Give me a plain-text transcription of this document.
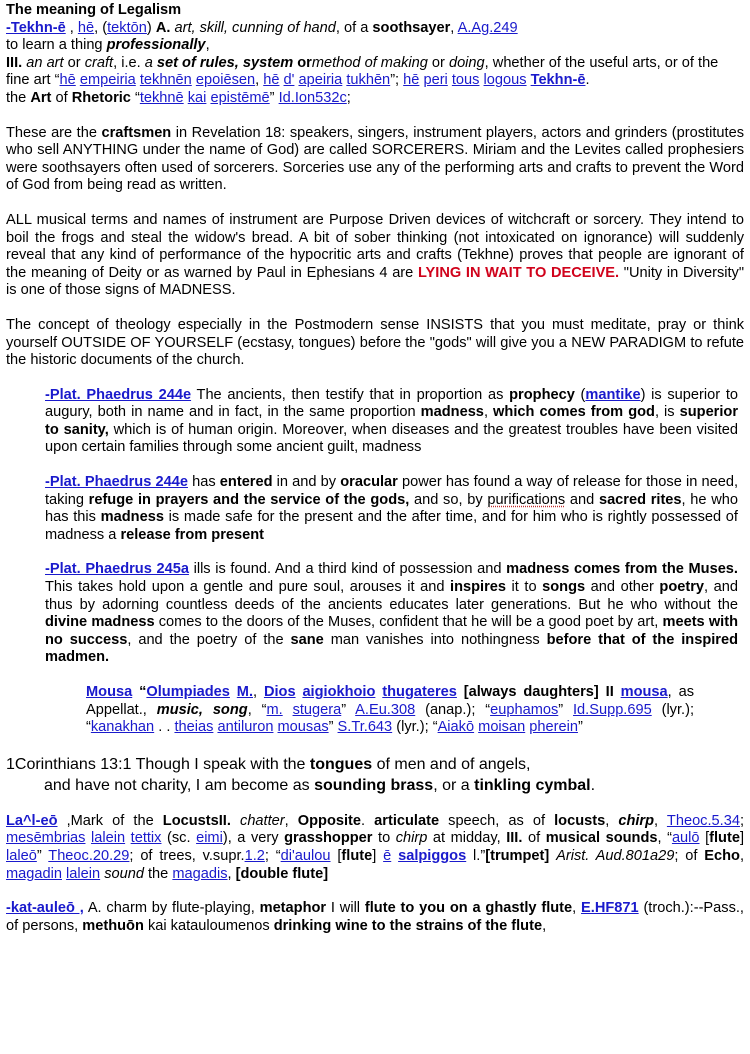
The meaning of Legalism

-Tekhn-ē , hē, (tektōn) A. art, skill, cunning of hand, of a soothsayer, A.Ag.249

to learn a thing professionally,

III. an art or craft, i.e. a set of rules, system ormethod of making or doing, whether of the useful arts, or of the fine art “hē empeiria tekhnēn epoiēsen, hē d' apeiria tukhēn”; hē peri tous logous Tekhn-ē.

the Art of Rhetoric “tekhnē kai epistēmē” Id.Ion532c;

These are the craftsmen in Revelation 18: speakers, singers, instrument players, actors and grinders (prostitutes who sell ANYTHING under the name of God) are called SORCERERS. Miriam and the Levites called prophesiers were soothsayers often used of sorcerers. Sorceries use any of the performing arts and crafts to prevent the Word of God from being read as written.

ALL musical terms and names of instrument are Purpose Driven devices of witchcraft or sorcery. They intend to boil the frogs and steal the widow's bread. A bit of sober thinking (not intoxicated on ignorance) will suddenly reveal that any kind of performance of the hypocritic arts and crafts (Tekhne) proves that people are ignorant of the meaning of Deity or as warned by Paul in Ephesians 4 are LYING IN WAIT TO DECEIVE. "Unity in Diversity" is one of those signs of MADNESS.

The concept of theology especially in the Postmodern sense INSISTS that you must meditate, pray or think yourself OUTSIDE OF YOURSELF (ecstasy, tongues) before the "gods" will give you a NEW PARADIGM to refute the historic documents of the church.

-Plat. Phaedrus 244e The ancients, then testify that in proportion as prophecy (mantike) is superior to augury, both in name and in fact, in the same proportion madness, which comes from god, is superior to sanity, which is of human origin. Moreover, when diseases and the greatest troubles have been visited upon certain families through some ancient guilt, madness

-Plat. Phaedrus 244e has entered in and by oracular power has found a way of release for those in need, taking refuge in prayers and the service of the gods, and so, by purifications and sacred rites, he who has this madness is made safe for the present and the after time, and for him who is rightly possessed of madness a release from present

-Plat. Phaedrus 245a ills is found. And a third kind of possession and madness comes from the Muses. This takes hold upon a gentle and pure soul, arouses it and inspires it to songs and other poetry, and thus by adorning countless deeds of the ancients educates later generations. But he who without the divine madness comes to the doors of the Muses, confident that he will be a good poet by art, meets with no success, and the poetry of the sane man vanishes into nothingness before that of the inspired madmen.

Mousa “Olumpiades M., Dios aigiokhoio thugateres [always daughters] II mousa, as Appellat., music, song, “m. stugera” A.Eu.308 (anap.); “euphamos” Id.Supp.695 (lyr.); “kanakhan . . theias antiluron mousas” S.Tr.643 (lyr.); “Aiakō moisan pherein”

1Corinthians 13:1 Though I speak with the tongues of men and of angels,
and have not charity, I am become as sounding brass, or a tinkling cymbal.

La^l-eō ,Mark of the LocustsII. chatter, Opposite. articulate speech, as of locusts, chirp, Theoc.5.34; mesēmbrias lalein tettix (sc. eimi), a very grasshopper to chirp at midday, III. of musical sounds, “aulō [flute] laleō” Theoc.20.29; of trees, v.supr.1.2; “di'aulou [flute] ē salpiggos l.”[trumpet] Arist. Aud.801a29; of Echo, magadin lalein sound the magadis, [double flute]

-kat-auleō , A. charm by flute-playing, metaphor I will flute to you on a ghastly flute, E.HF871 (troch.):--Pass., of persons, methuōn kai katauloumenos drinking wine to the strains of the flute,
